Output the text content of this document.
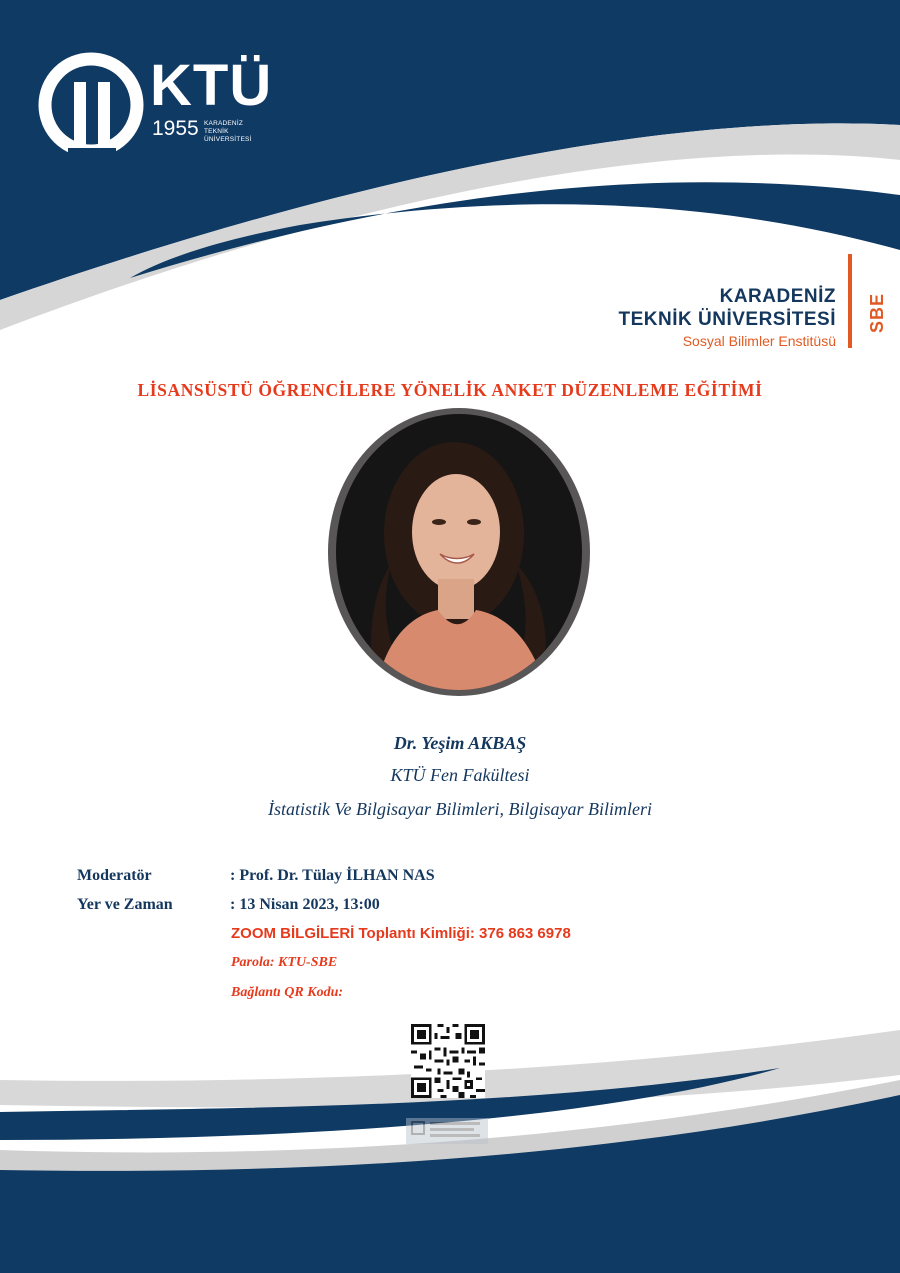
KTÜ
1955 KARADENİZ
TEKNİK ÜNİVERSİTESİ
KARADENİZ
TEKNİK ÜNİVERSİTESİ
Sosyal Bilimler Enstitüsü
SBE
LİSANSÜSTÜ ÖĞRENCİLERE YÖNELİK ANKET DÜZENLEME EĞİTİMİ
Dr. Yeşim AKBAŞ
KTÜ Fen Fakültesi
İstatistik Ve Bilgisayar Bilimleri, Bilgisayar Bilimleri
Moderatör	: Prof. Dr. Tülay İLHAN NAS
Yer ve Zaman	: 13 Nisan 2023, 13:00
ZOOM BİLGİLERİ Toplantı Kimliği: 376 863 6978
Parola: KTU-SBE
Bağlantı QR Kodu:
